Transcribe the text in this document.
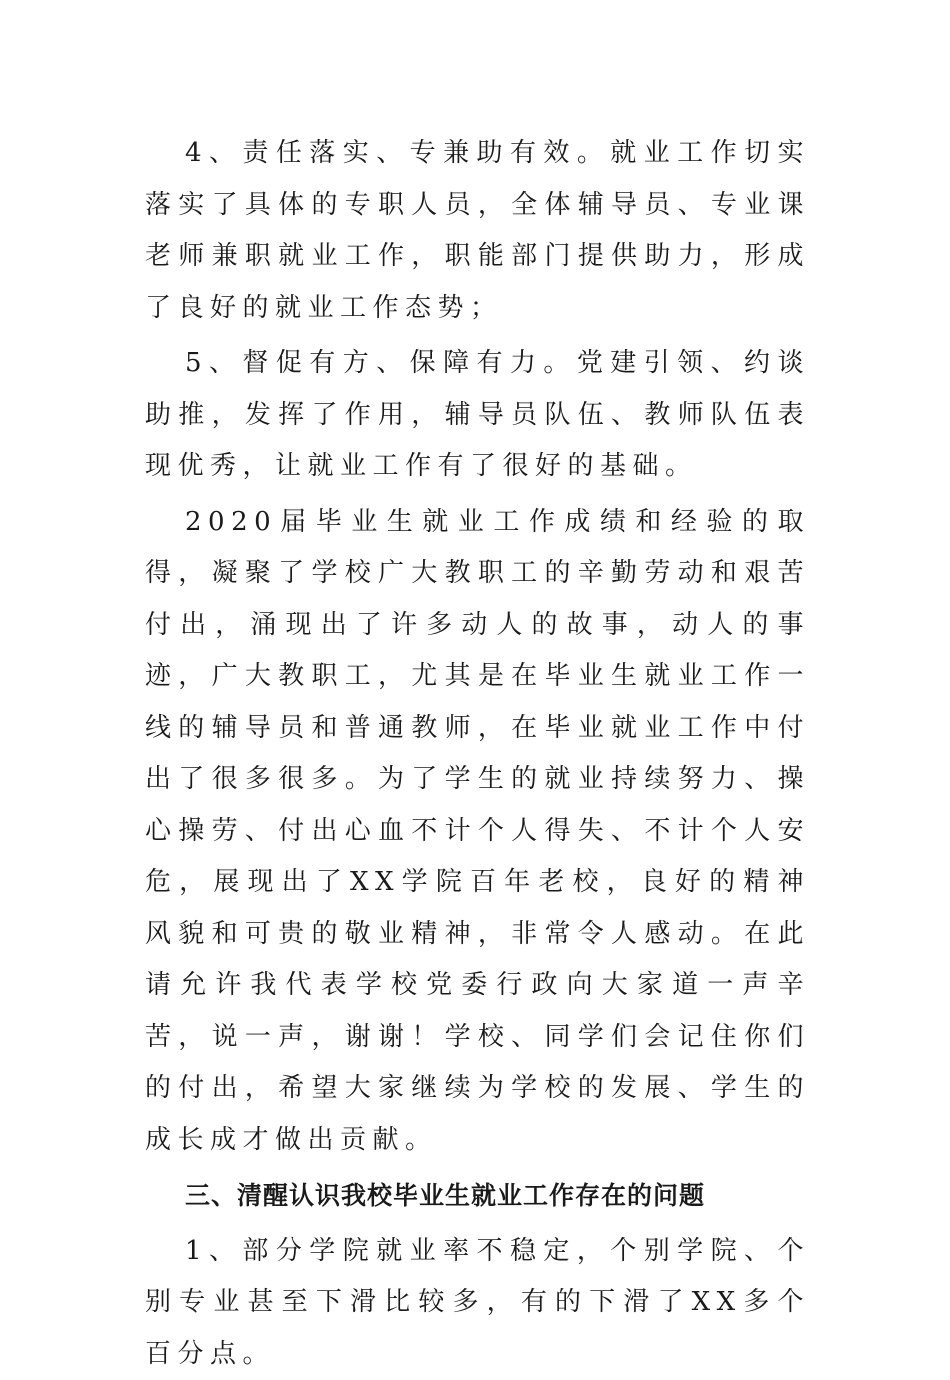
4、责任落实、专兼助有效。就业工作切实落实了具体的专职人员，全体辅导员、专业课老师兼职就业工作，职能部门提供助力，形成了良好的就业工作态势；

5、督促有方、保障有力。党建引领、约谈助推，发挥了作用，辅导员队伍、教师队伍表现优秀，让就业工作有了很好的基础。

2020届毕业生就业工作成绩和经验的取得，凝聚了学校广大教职工的辛勤劳动和艰苦付出，涌现出了许多动人的故事，动人的事迹，广大教职工，尤其是在毕业生就业工作一线的辅导员和普通教师，在毕业就业工作中付出了很多很多。为了学生的就业持续努力、操心操劳、付出心血不计个人得失、不计个人安危，展现出了XX学院百年老校，良好的精神风貌和可贵的敬业精神，非常令人感动。在此请允许我代表学校党委行政向大家道一声辛苦，说一声，谢谢！学校、同学们会记住你们的付出，希望大家继续为学校的发展、学生的成长成才做出贡献。

三、清醒认识我校毕业生就业工作存在的问题

1、部分学院就业率不稳定，个别学院、个别专业甚至下滑比较多，有的下滑了XX多个百分点。
